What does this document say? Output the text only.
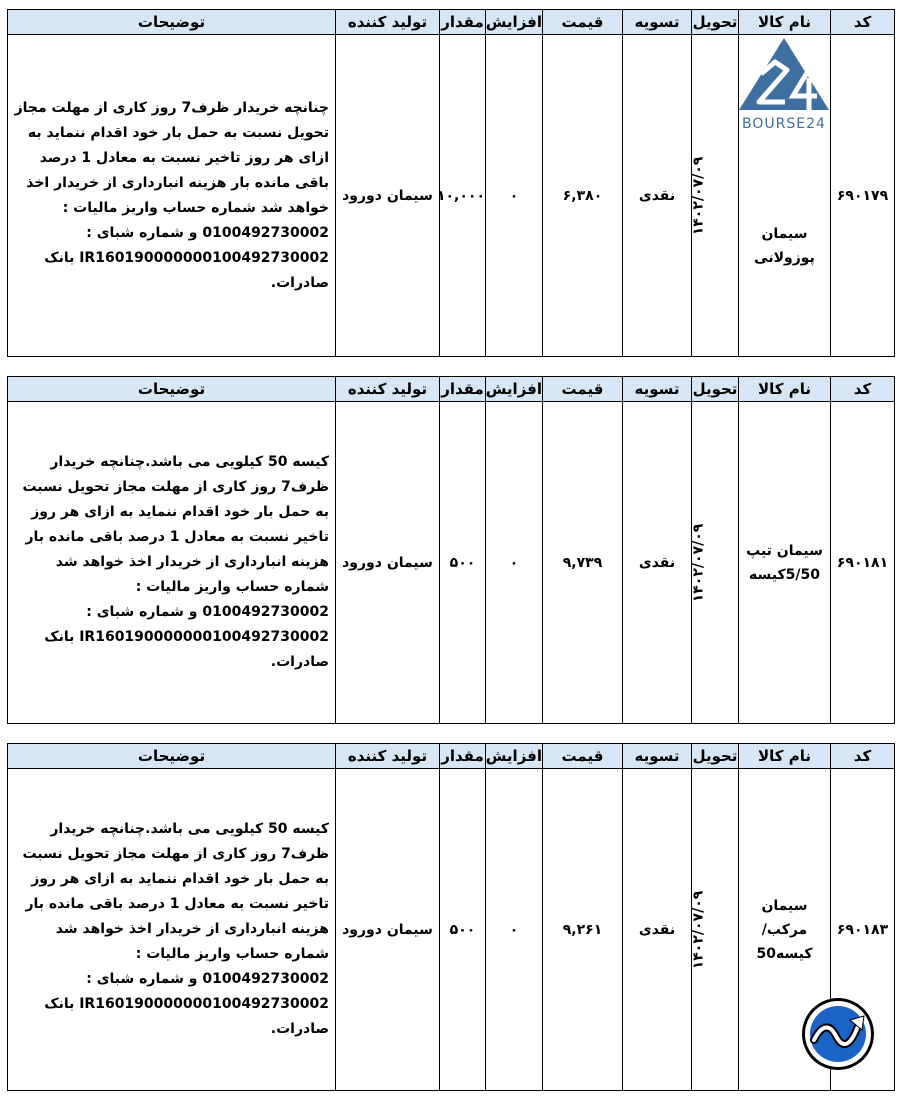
کد	نام کالا	تحویل	تسویه	قیمت	افزایش	مقدار	تولید کننده	توضیحات
۶۹۰۱۷۹	سیمان پوزولانی	۱۴۰۲/۰۷/۰۹	نقدی	۶,۳۸۰	۰	۱۰,۰۰۰	سیمان دورود	چنانچه خریدار ظرف7 روز کاری از مهلت مجاز تحویل نسبت به حمل بار خود اقدام ننماید به ازای هر روز تاخیر نسبت به معادل 1 درصد باقی مانده بار هزینه انبارداری از خریدار اخذ خواهد شد شماره حساب واریز مالیات : 0100492730002 و شماره شبای : IR160190000000100492730002 بانک صادرات.
کد	نام کالا	تحویل	تسویه	قیمت	افزایش	مقدار	تولید کننده	توضیحات
۶۹۰۱۸۱	سیمان تیپ 5/50کیسه	۱۴۰۲/۰۷/۰۹	نقدی	۹,۷۳۹	۰	۵۰۰	سیمان دورود	کیسه 50 کیلویی می باشد.چنانچه خریدار ظرف7 روز کاری از مهلت مجاز تحویل نسبت به حمل بار خود اقدام ننماید به ازای هر روز تاخیر نسبت به معادل 1 درصد باقی مانده بار هزینه انبارداری از خریدار اخذ خواهد شد شماره حساب واریز مالیات : 0100492730002 و شماره شبای : IR160190000000100492730002 بانک صادرات.
کد	نام کالا	تحویل	تسویه	قیمت	افزایش	مقدار	تولید کننده	توضیحات
۶۹۰۱۸۳	سیمان مرکب/کیسه50	۱۴۰۲/۰۷/۰۹	نقدی	۹,۲۶۱	۰	۵۰۰	سیمان دورود	کیسه 50 کیلویی می باشد.چنانچه خریدار ظرف7 روز کاری از مهلت مجاز تحویل نسبت به حمل بار خود اقدام ننماید به ازای هر روز تاخیر نسبت به معادل 1 درصد باقی مانده بار هزینه انبارداری از خریدار اخذ خواهد شد شماره حساب واریز مالیات : 0100492730002 و شماره شبای : IR160190000000100492730002 بانک صادرات.
BOURSE24
